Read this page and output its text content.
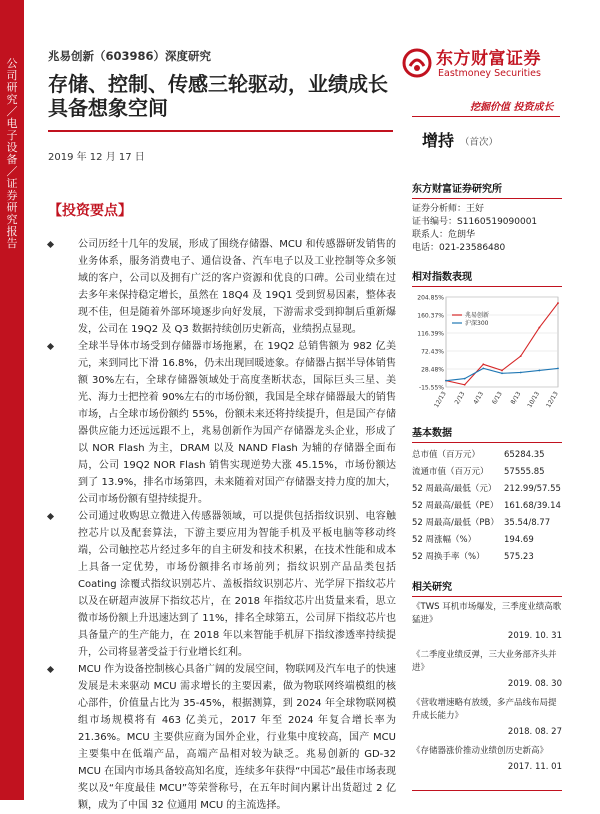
公
司
研
究
／
电
子
设
备
／
证
券
研
究
报
告
兆易创新（603986）深度研究
存储、控制、传感三轮驱动，业绩成长具备想象空间
2019 年 12 月 17 日
东方财富证券
Eastmoney Securities
挖掘价值 投资成长
增持 （首次）
【投资要点】
公司历经十几年的发展，形成了围绕存储器、MCU 和传感器研发销售的业务体系，服务消费电子、通信设备、汽车电子以及工业控制等众多领域的客户，公司以及拥有广泛的客户资源和优良的口碑。公司业绩在过去多年来保持稳定增长，虽然在 18Q4 及 19Q1 受到贸易因素，整体表现不佳，但是随着外部环境逐步向好发展，下游需求受到抑制后重新爆发，公司在 19Q2 及 Q3 数据持续创历史新高，业绩拐点显现。
全球半导体市场受到存储器市场拖累，在 19Q2 总销售额为 982 亿美元，来到同比下滑 16.8%，仍未出现回暖迹象。存储器占据半导体销售额 30%左右，全球存储器领域处于高度垄断状态，国际巨头三星、美光、海力士把控着 90%左右的市场份额，我国是全球存储器最大的销售市场，占全球市场份额约 55%，份额未来还将持续提升，但是国产存储器供应能力还远远跟不上，兆易创新作为国产存储器龙头企业，形成了以 NOR Flash 为主，DRAM 以及 NAND Flash 为辅的存储器全面布局，公司 19Q2 NOR Flash 销售实现逆势大涨 45.15%，市场份额达到了 13.9%，排名市场第四，未来随着对国产存储器支持力度的加大，公司市场份额有望持续提升。
公司通过收购思立微进入传感器领域，可以提供包括指纹识别、电容触控芯片以及配套算法，下游主要应用为智能手机及平板电脑等移动终端，公司触控芯片经过多年的自主研发和技术积累，在技术性能和成本上具备一定优势，市场份额排名市场前列；指纹识别产品品类包括 Coating 涂覆式指纹识别芯片、盖板指纹识别芯片、光学屏下指纹芯片以及在研超声波屏下指纹芯片，在 2018 年指纹芯片出货量来看，思立微市场份额上升迅速达到了 11%，排名全球第五，公司屏下指纹芯片也具备量产的生产能力，在 2018 年以来智能手机屏下指纹渗透率持续提升，公司将显著受益于行业增长红利。
MCU 作为设备控制核心具备广阔的发展空间，物联网及汽车电子的快速发展是未来驱动 MCU 需求增长的主要因素，做为物联网终端模组的核心部件，价值量占比为 35-45%，根据测算，到 2024 年全球物联网模组市场规模将有 463 亿美元，2017 年至 2024 年复合增长率为 21.36%。MCU 主要供应商为国外企业，行业集中度较高，国产 MCU 主要集中在低端产品，高端产品相对较为缺乏。兆易创新的 GD-32 MCU 在国内市场具备较高知名度，连续多年获得“中国芯”最佳市场表现奖以及“年度最佳 MCU”等荣誉称号，在五年时间内累计出货超过 2 亿颗，成为了中国 32 位通用 MCU 的主流选择。
东方财富证券研究所
证券分析师：王好
证书编号：S1160519090001
联系人：危朗华
电话：021-23586480
相对指数表现
204.85%
160.37%
116.39%
72.43%
28.48%
-15.55%
12/13 2/13 4/13 6/13 8/13 10/13 12/13
兆易创新
沪深300
基本数据
总市值（百万元）	65284.35
流通市值（百万元） 57555.85
52 周最高/最低（元） 212.99/57.55
52 周最高/最低（PE） 161.68/39.14
52 周最高/最低（PB） 35.54/8.77
52 周涨幅（%）	194.69
52 周换手率（%） 575.23
相关研究
《TWS 耳机市场爆发，三季度业绩高歌猛进》
2019. 10. 31
《二季度业绩反弹，三大业务部齐头并进》
2019. 08. 30
《营收增速略有放缓，多产品线布局提升成长能力》
2018. 08. 27
《存储器涨价推动业绩创历史新高》
2017. 11. 01
